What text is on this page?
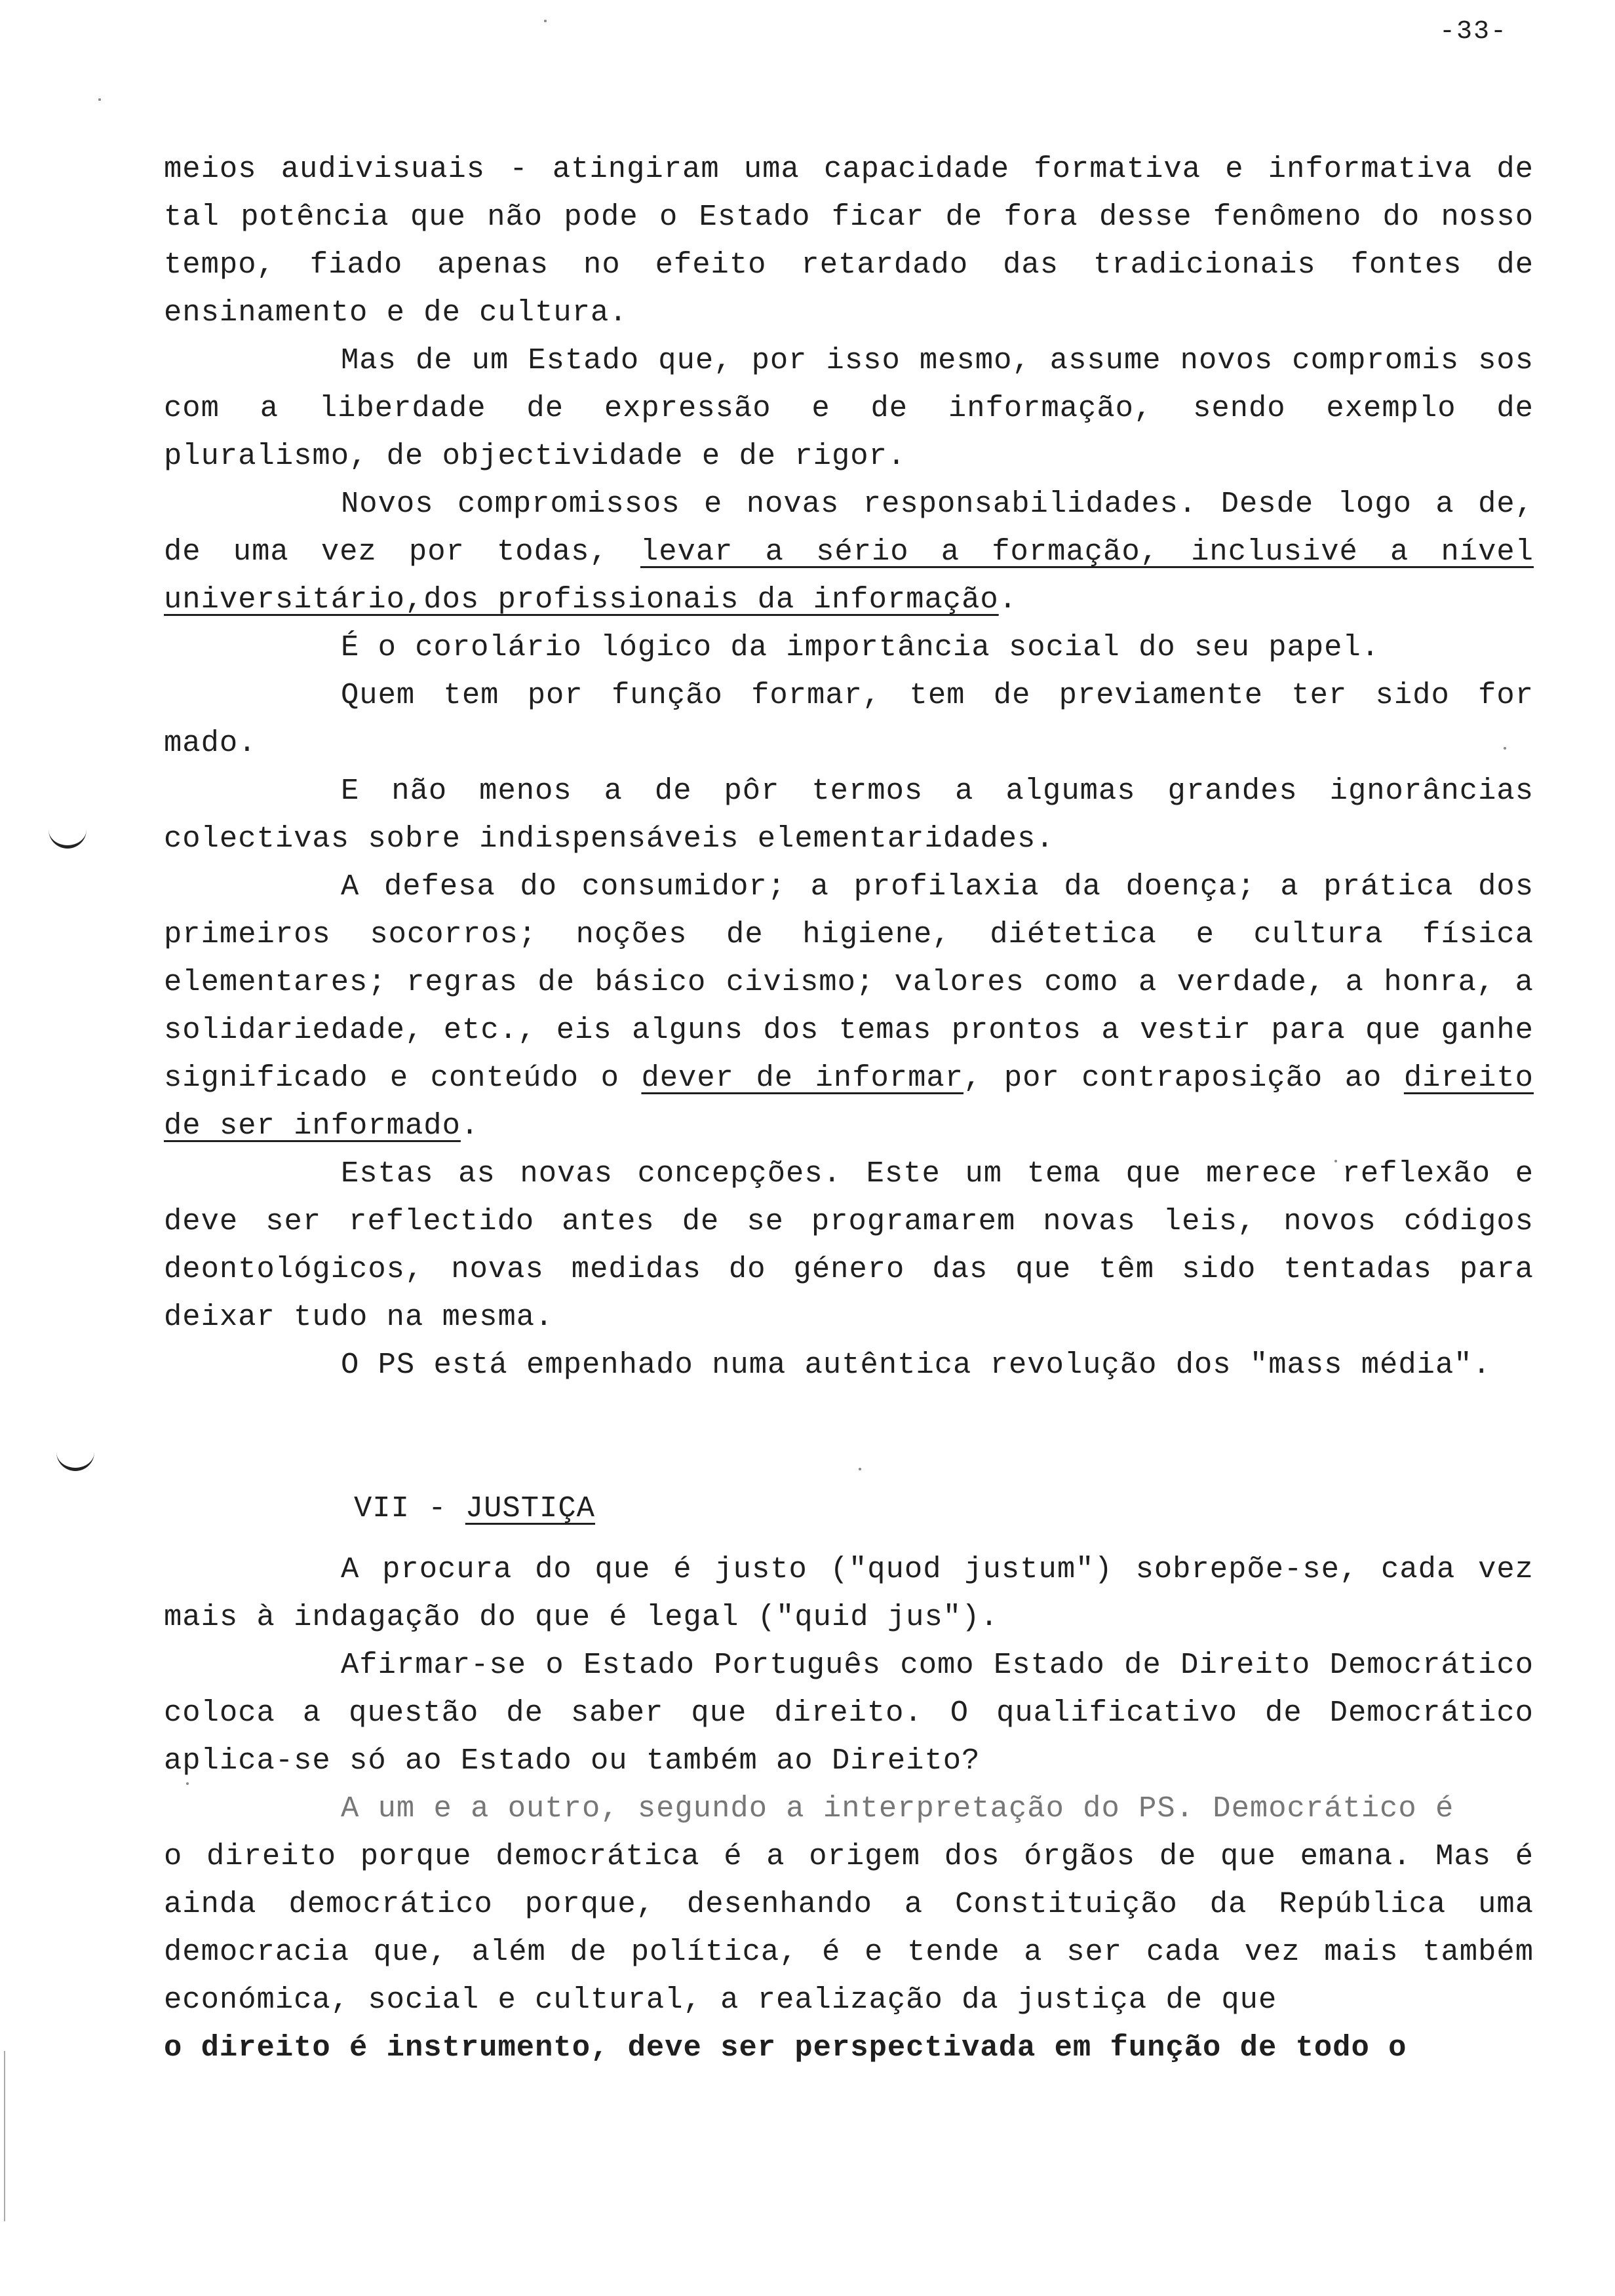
-33-

meios audivisuais - atingiram uma capacidade formativa e informativa de tal potência que não pode o Estado ficar de fora desse fenômeno do nosso tempo, fiado apenas no efeito retardado das tradicionais fontes de ensinamento e de cultura.

Mas de um Estado que, por isso mesmo, assume novos compromis sos com a liberdade de expressão e de informação, sendo exemplo de pluralismo, de objectividade e de rigor.

Novos compromissos e novas responsabilidades. Desde logo a de, de uma vez por todas, levar a sério a formação, inclusivé a nível universitário,dos profissionais da informação.

É o corolário lógico da importância social do seu papel.

Quem tem por função formar, tem de previamente ter sido for mado.

E não menos a de pôr termos a algumas grandes ignorâncias colectivas sobre indispensáveis elementaridades.

A defesa do consumidor; a profilaxia da doença; a prática dos primeiros socorros; noções de higiene, diétetica e cultura física elementares; regras de básico civismo; valores como a verdade, a honra, a solidariedade, etc., eis alguns dos temas prontos a vestir para que ganhe significado e conteúdo o dever de informar, por contraposição ao direito de ser informado.

Estas as novas concepções. Este um tema que merece reflexão e deve ser reflectido antes de se programarem novas leis, novos códigos deontológicos, novas medidas do género das que têm sido tentadas para deixar tudo na mesma.

O PS está empenhado numa autêntica revolução dos "mass média".

VII - JUSTIÇA

A procura do que é justo ("quod justum") sobrepõe-se, cada vez mais à indagação do que é legal ("quid jus").

Afirmar-se o Estado Português como Estado de Direito Democrático coloca a questão de saber que direito. O qualificativo de Democrático aplica-se só ao Estado ou também ao Direito?

A um e a outro, segundo a interpretação do PS. Democrático é

o direito porque democrática é a origem dos órgãos de que emana. Mas é ainda democrático porque, desenhando a Constituição da República uma democracia que, além de política, é e tende a ser cada vez mais também económica, social e cultural, a realização da justiça de que

o direito é instrumento, deve ser perspectivada em função de todo o
